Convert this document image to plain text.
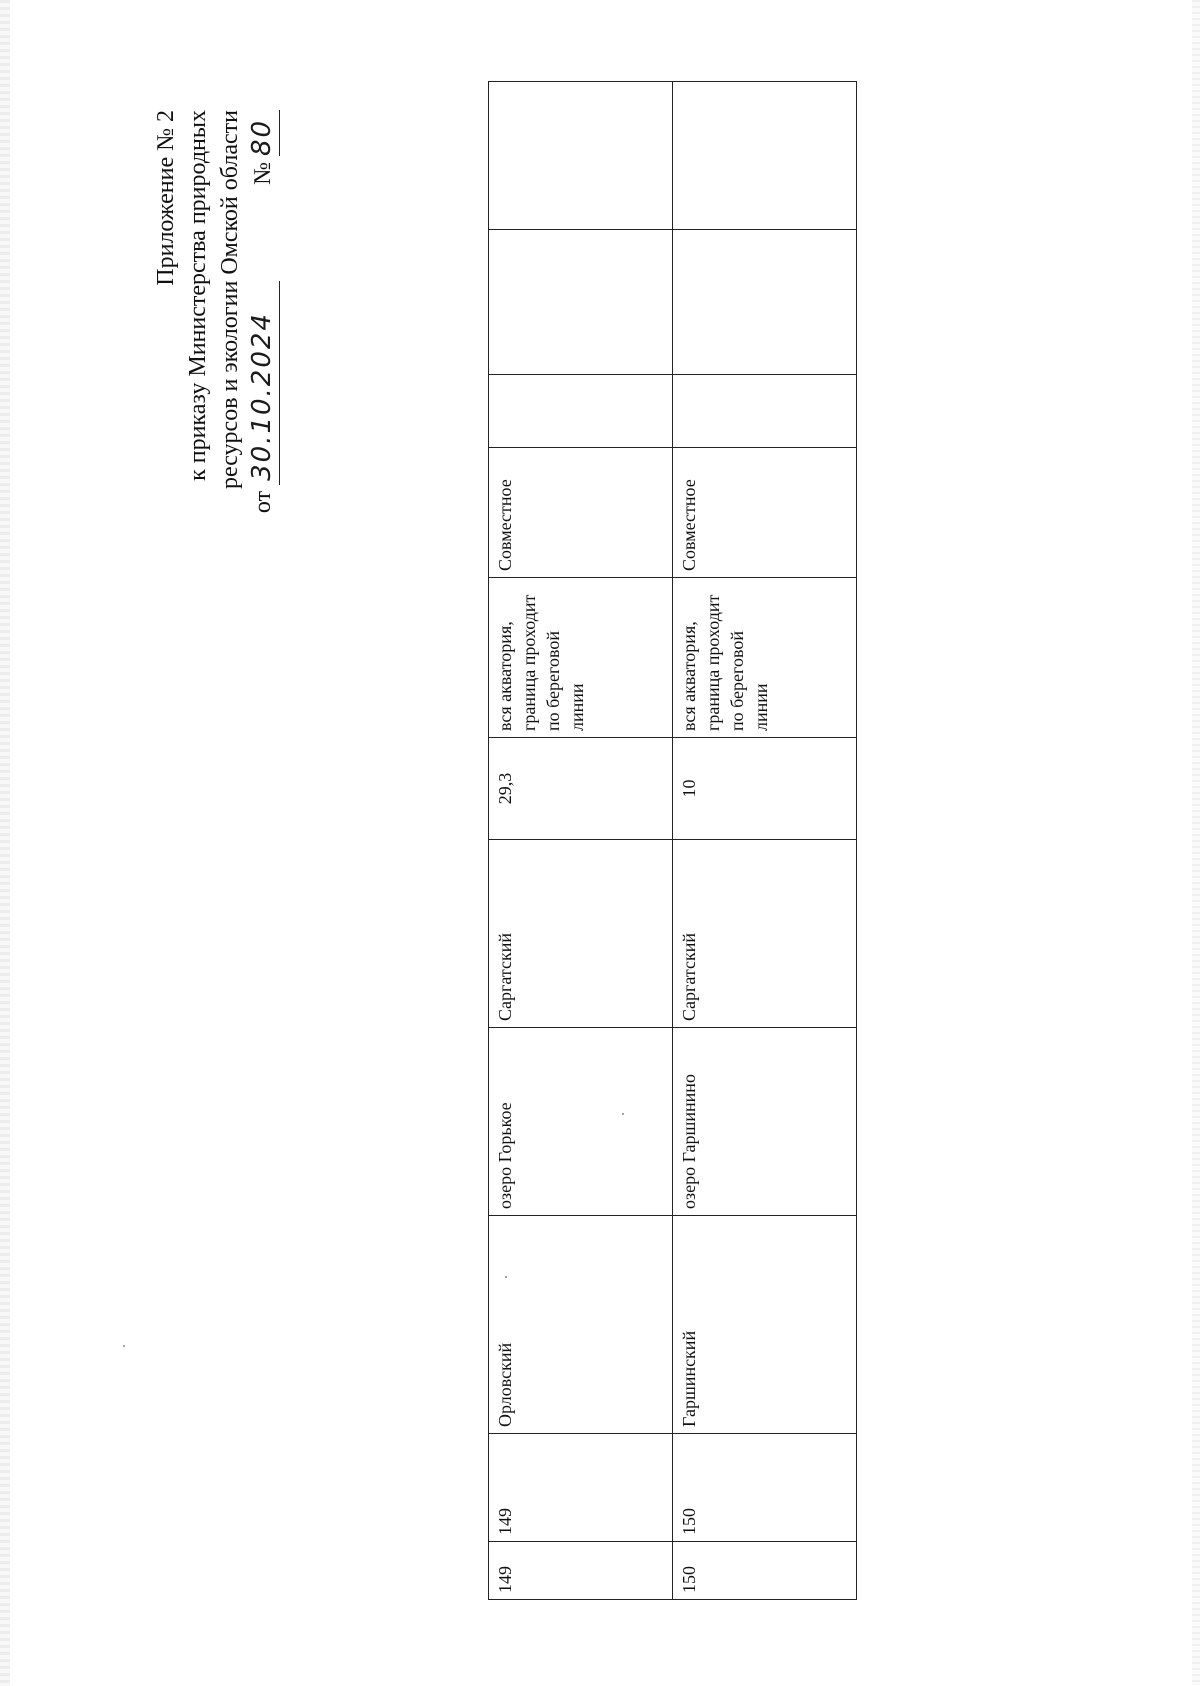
Приложение № 2 к приказу Министерства природных ресурсов и экологии Омской области
от 30.10.2024 № 80
149	149	Орловский	озеро Горькое	Саргатский	29,3	вся акватория, граница проходит по береговой линии	Совместное			
150	150	Гаршинский	озеро Гаршинино	Саргатский	10	вся акватория, граница проходит по береговой линии	Совместное			
